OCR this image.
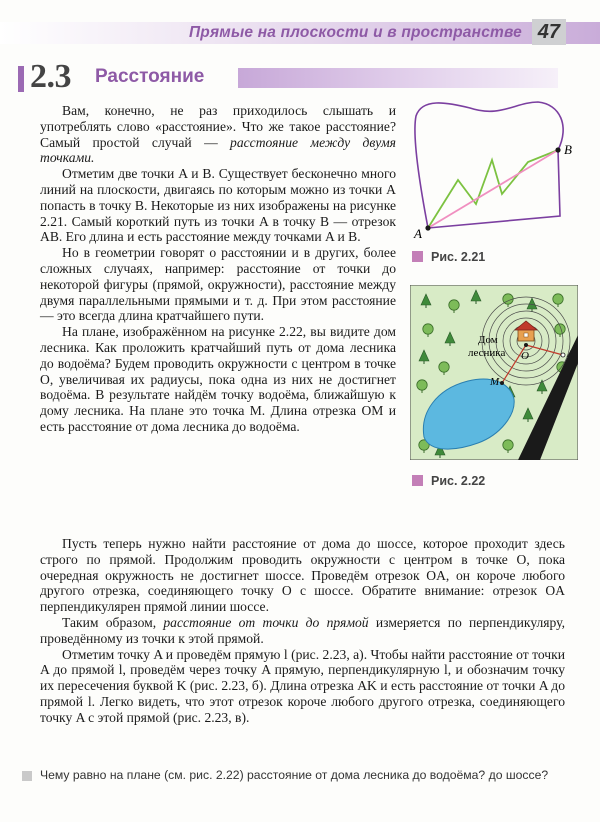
Прямые на плоскости и в пространстве 47
2.3 Расстояние

Вам, конечно, не раз приходилось слышать и употреблять слово «расстояние». Что же такое расстояние? Самый простой случай — расстояние между двумя точками.

Отметим две точки A и B. Существует бесконечно много линий на плоскости, двигаясь по которым можно из точки A попасть в точку B. Некоторые из них изображены на рисунке 2.21. Самый короткий путь из точки A в точку B — отрезок AB. Его длина и есть расстояние между точками A и B.

Но в геометрии говорят о расстоянии и в других, более сложных случаях, например: расстояние от точки до некоторой фигуры (прямой, окружности), расстояние между двумя параллельными прямыми и т. д. При этом расстояние — это всегда длина кратчайшего пути.

На плане, изображённом на рисунке 2.22, вы видите дом лесника. Как проложить кратчайший путь от дома лесника до водоёма? Будем проводить окружности с центром в точке O, увеличивая их радиусы, пока одна из них не достигнет водоёма. В результате найдём точку водоёма, ближайшую к дому лесника. На плане это точка M. Длина отрезка OM и есть расстояние от дома лесника до водоёма.

Пусть теперь нужно найти расстояние от дома до шоссе, которое проходит здесь строго по прямой. Продолжим проводить окружности с центром в точке O, пока очередная окружность не достигнет шоссе. Проведём отрезок OA, он короче любого другого отрезка, соединяющего точку O с шоссе. Обратите внимание: отрезок OA перпендикулярен прямой линии шоссе.

Таким образом, расстояние от точки до прямой измеряется по перпендикуляру, проведённому из точки к этой прямой.

Отметим точку A и проведём прямую l (рис. 2.23, а). Чтобы найти расстояние от точки A до прямой l, проведём через точку A прямую, перпендикулярную l, и обозначим точку их пересечения буквой K (рис. 2.23, б). Длина отрезка AK и есть расстояние от точки A до прямой l. Легко видеть, что этот отрезок короче любого другого отрезка, соединяющего точку A с этой прямой (рис. 2.23, в).

Чему равно на плане (см. рис. 2.22) расстояние от дома лесника до водоёма? до шоссе?
A
B
Рис. 2.21
Дом
лесника O
M
A
Рис. 2.22
